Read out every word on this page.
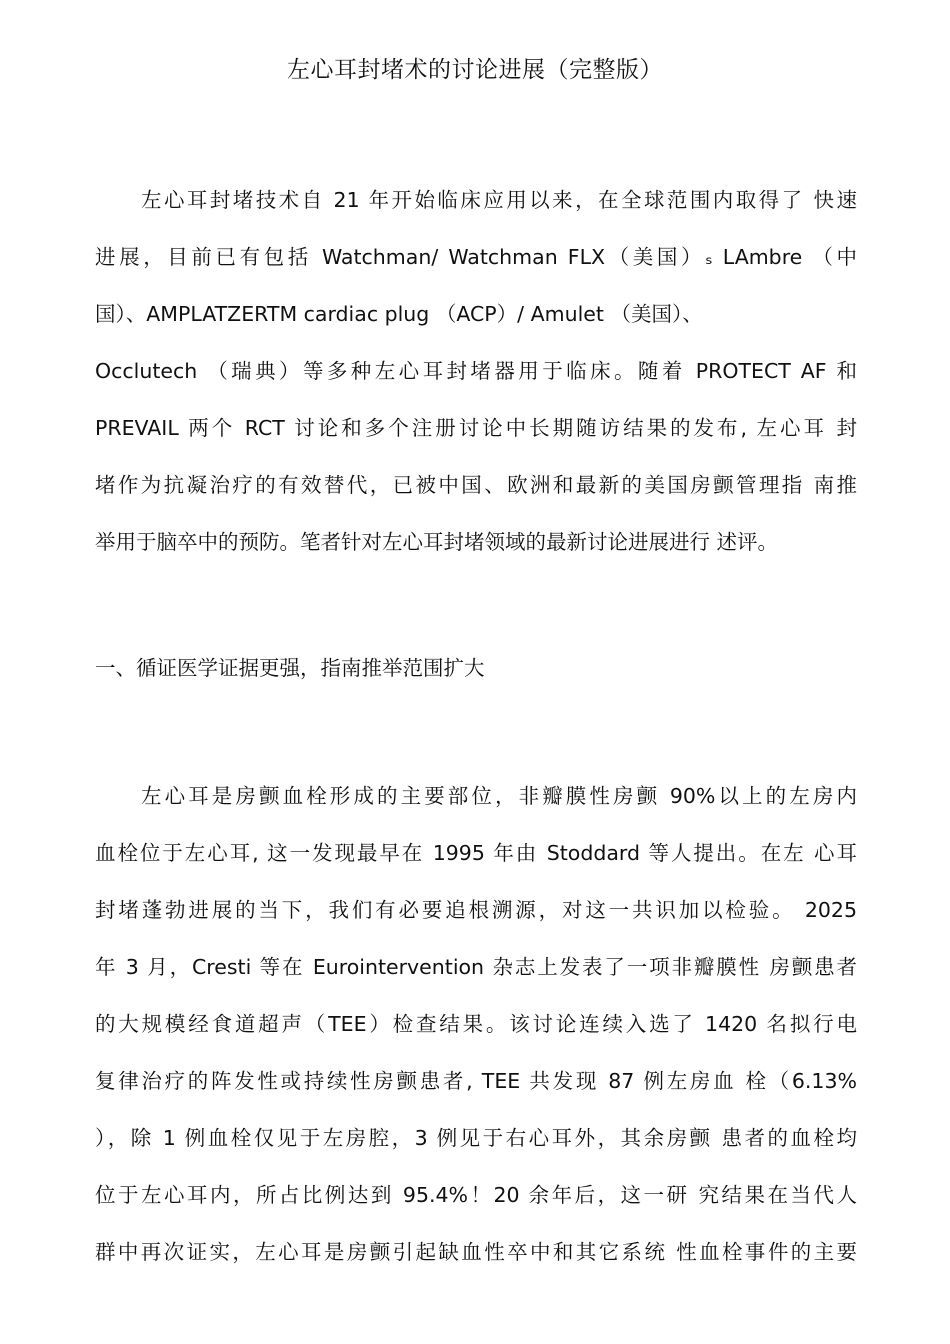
左心耳封堵术的讨论进展（完整版）
左心耳封堵技术自 21 年开始临床应用以来，在全球范围内取得了 快速
进展，目前已有包括 Watchman/ Watchman FLX（美国）ₛ LAmbre （中
国）、AMPLATZERTM cardiac plug （ACP）/ Amulet （美国）、
Occlutech （瑞典）等多种左心耳封堵器用于临床。随着 PROTECT AF 和
PREVAIL 两个 RCT 讨论和多个注册讨论中长期随访结果的发布, 左心耳 封
堵作为抗凝治疗的有效替代，已被中国、欧洲和最新的美国房颤管理指 南推
举用于脑卒中的预防。笔者针对左心耳封堵领域的最新讨论进展进行 述评。
一、循证医学证据更强，指南推举范围扩大
左心耳是房颤血栓形成的主要部位，非瓣膜性房颤 90%以上的左房内
血栓位于左心耳, 这一发现最早在 1995 年由 Stoddard 等人提出。在左 心耳
封堵蓬勃进展的当下，我们有必要追根溯源，对这一共识加以检验。 2025
年 3 月，Cresti 等在 Eurointervention 杂志上发表了一项非瓣膜性 房颤患者
的大规模经食道超声（TEE）检查结果。该讨论连续入选了 1420 名拟行电
复律治疗的阵发性或持续性房颤患者, TEE 共发现 87 例左房血 栓（6.13%
），除 1 例血栓仅见于左房腔，3 例见于右心耳外，其余房颤 患者的血栓均
位于左心耳内，所占比例达到 95.4%！20 余年后，这一研 究结果在当代人
群中再次证实，左心耳是房颤引起缺血性卒中和其它系统 性血栓事件的主要
